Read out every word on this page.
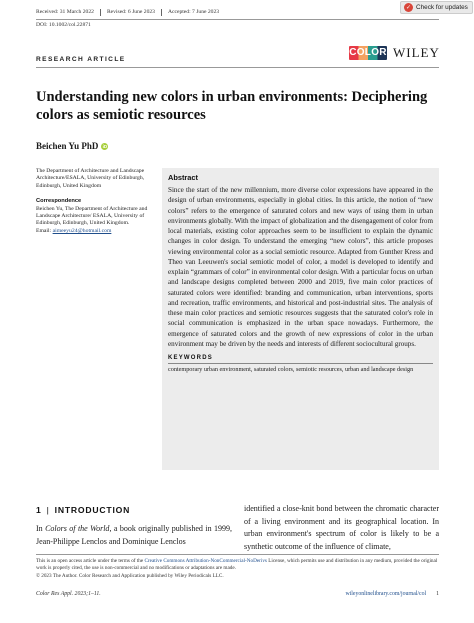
Received: 31 March 2022	Revised: 6 June 2023	Accepted: 7 June 2023
DOI: 10.1002/col.22871
✓ Check for updates
COLOR WILEY
RESEARCH ARTICLE
Understanding new colors in urban environments: Deciphering colors as semiotic resources
Beichen Yu PhD iD

The Department of Architecture and Landscape Architecture/ESALA, University of Edinburgh, Edinburgh, United Kingdom

Correspondence

Beichen Yu, The Department of Architecture and Landscape Architecture/ ESALA, University of Edinburgh, Edinburgh, United Kingdom.

Email: aimeeyu24@hotmail.com

Abstract

Since the start of the new millennium, more diverse color expressions have appeared in the design of urban environments, especially in global cities. In this article, the notion of “new colors” refers to the emergence of saturated colors and new ways of using them in urban environments globally. With the impact of globalization and the disengagement of color from local materials, existing color approaches seem to be insufficient to explain the dynamic changes in color design. To understand the emerging “new colors”, this article proposes viewing environmental color as a social semiotic resource. Adapted from Gunther Kress and Theo van Leeuwen's social semiotic model of color, a model is developed to identify and explain “grammars of color” in environmental color design. With a particular focus on urban and landscape designs completed between 2000 and 2019, five main color practices of saturated colors were identified: branding and communication, urban interventions, sports and recreation, traffic environments, and historical and post-industrial sites. The analysis of these main color practices and semiotic resources suggests that the saturated color's role in social communication is emphasized in the urban space nowadays. Furthermore, the emergence of saturated colors and the growth of new expressions of color in the urban environment may be driven by the needs and interests of different sociocultural groups.

KEYWORDS

contemporary urban environment, saturated colors, semiotic resources, urban and landscape design

1 | INTRODUCTION

In Colors of the World, a book originally published in 1999, Jean-Philippe Lenclos and Dominique Lenclos

identified a close-knit bond between the chromatic character of a living environment and its geographical location. In urban environment's spectrum of color is likely to be a synthetic outcome of the influence of climate,

This is an open access article under the terms of the Creative Commons Attribution-NonCommercial-NoDerivs License, which permits use and distribution in any medium, provided the original work is properly cited, the use is non-commercial and no modifications or adaptations are made.

© 2023 The Author. Color Research and Application published by Wiley Periodicals LLC.

Color Res Appl. 2023;1–11.	wileyonlinelibrary.com/journal/col 1
